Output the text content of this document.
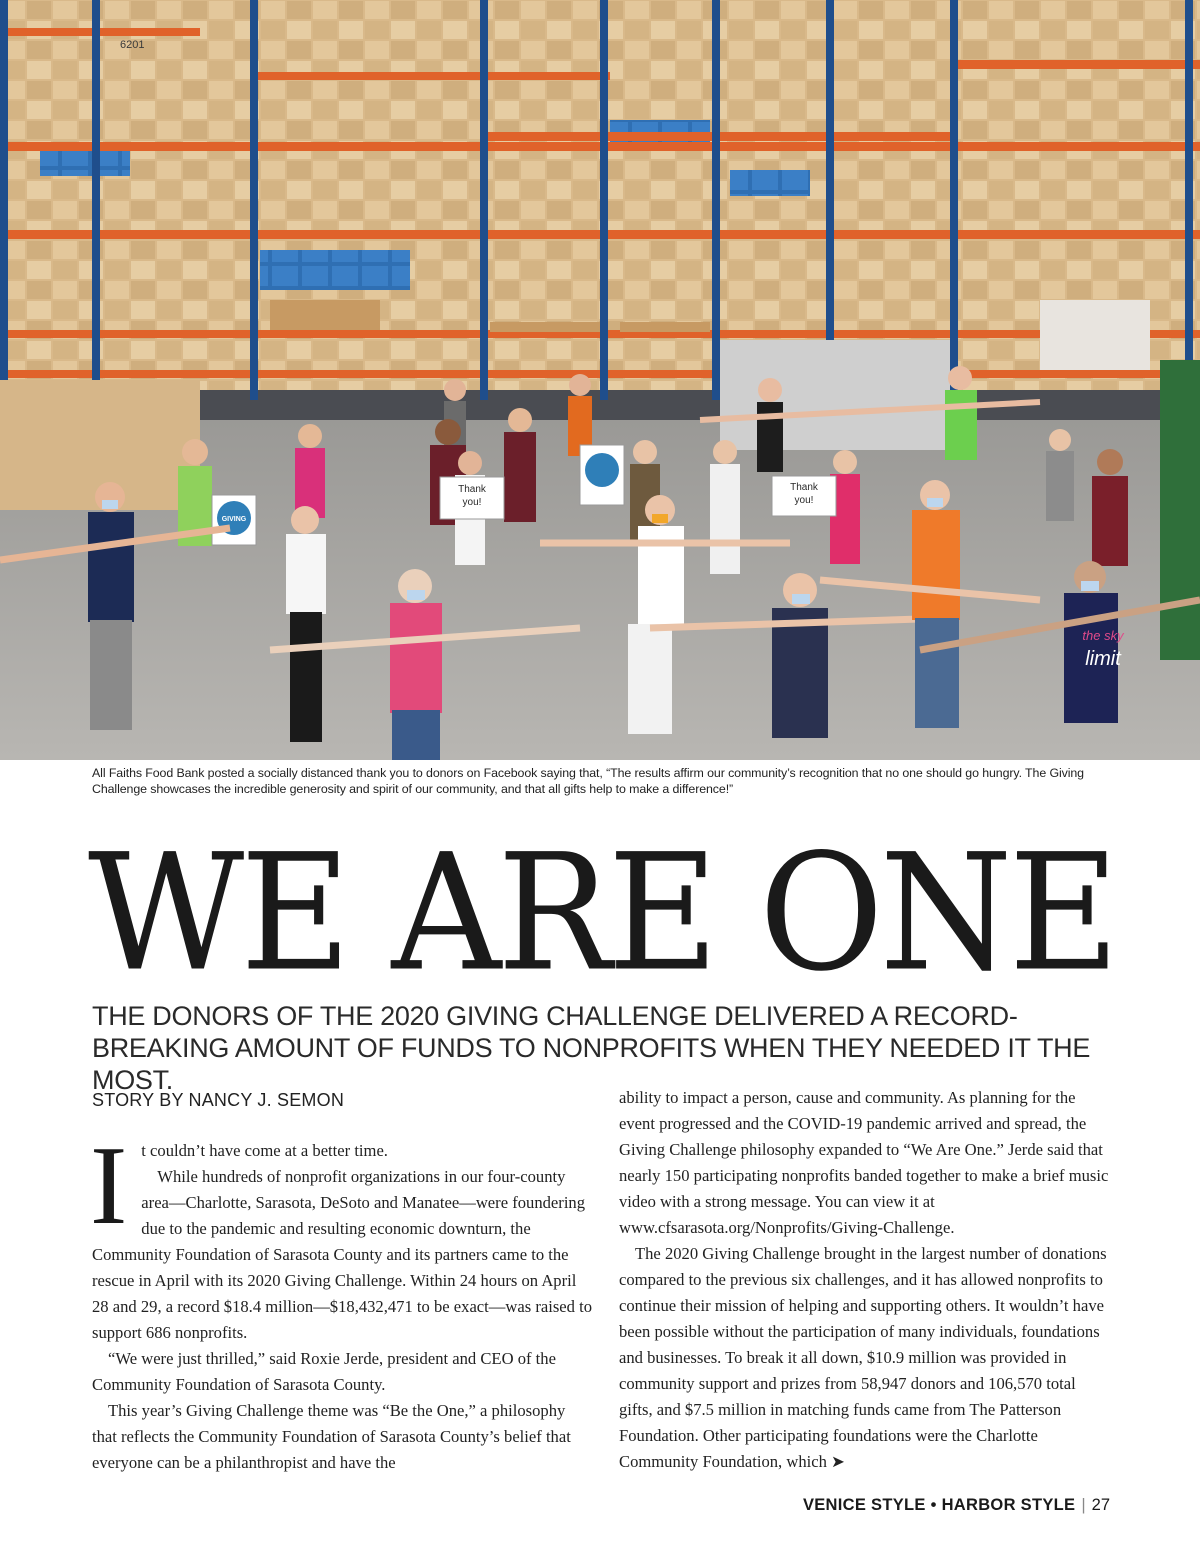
Thank
you!
Thank
you!
GIVING
the sky
limit
6201
All Faiths Food Bank posted a socially distanced thank you to donors on Facebook saying that, “The results affirm our community’s recognition that no one should go hungry. The Giving Challenge showcases the incredible generosity and spirit of our community, and that all gifts help to make a difference!”
WE ARE ONE
THE DONORS OF THE 2020 GIVING CHALLENGE DELIVERED A RECORD-BREAKING AMOUNT OF FUNDS TO NONPROFITS WHEN THEY NEEDED IT THE MOST.
STORY BY NANCY J. SEMON

I t couldn’t have come at a better time.

While hundreds of nonprofit organizations in our four-county area—Charlotte, Sarasota, DeSoto and Manatee—were foundering due to the pandemic and resulting economic downturn, the Community Foundation of Sarasota County and its partners came to the rescue in April with its 2020 Giving Challenge. Within 24 hours on April 28 and 29, a record $18.4 million—$18,432,471 to be exact—was raised to support 686 nonprofits.

“We were just thrilled,” said Roxie Jerde, president and CEO of the Community Foundation of Sarasota County.

This year’s Giving Challenge theme was “Be the One,” a philosophy that reflects the Community Foundation of Sarasota County’s belief that everyone can be a philanthropist and have the

ability to impact a person, cause and community. As planning for the event progressed and the COVID-19 pandemic arrived and spread, the Giving Challenge philosophy expanded to “We Are One.” Jerde said that nearly 150 participating nonprofits banded together to make a brief music video with a strong message. You can view it at www.cfsarasota.org/Nonprofits/Giving-Challenge.

The 2020 Giving Challenge brought in the largest number of donations compared to the previous six challenges, and it has allowed nonprofits to continue their mission of helping and supporting others. It wouldn’t have been possible without the participation of many individuals, foundations and businesses. To break it all down, $10.9 million was provided in community support and prizes from 58,947 donors and 106,570 total gifts, and $7.5 million in matching funds came from The Patterson Foundation. Other participating foundations were the Charlotte Community Foundation, which ➤

VENICE STYLE • HARBOR STYLE | 27
